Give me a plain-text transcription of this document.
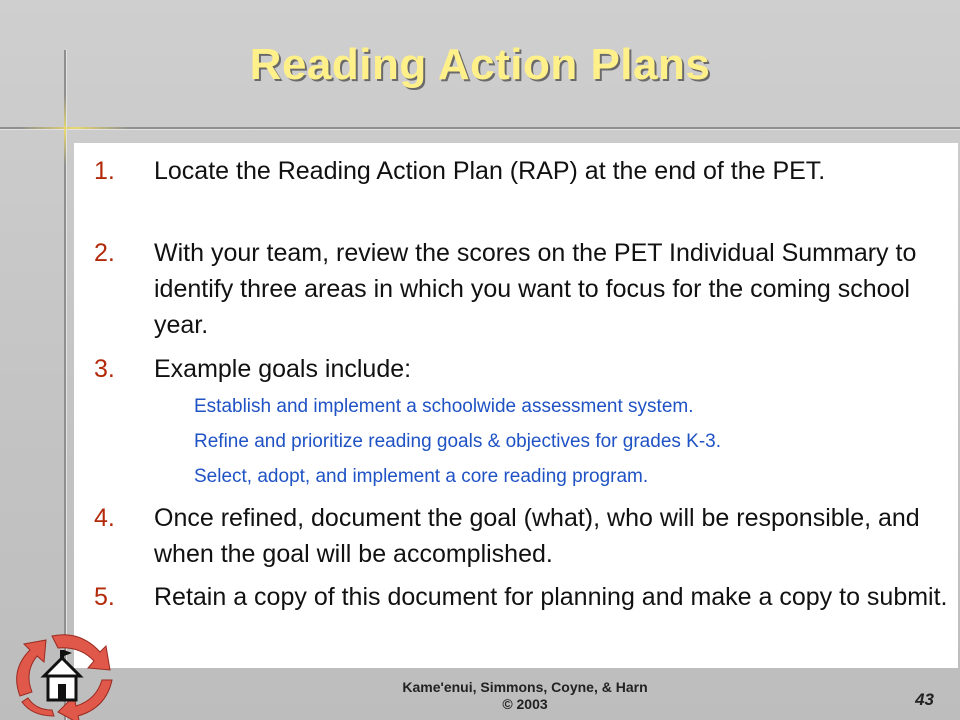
Reading Action Plans
1. Locate the Reading Action Plan (RAP) at the end of the PET.
2. With your team, review the scores on the PET Individual Summary to identify three areas in which you want to focus for the coming school year.
3. Example goals include:
Establish and implement a schoolwide assessment system.
Refine and prioritize reading goals & objectives for grades K-3.
Select, adopt, and implement a core reading program.
4. Once refined, document the goal (what), who will be responsible, and when the goal will be accomplished.
5. Retain a copy of this document for planning and make a copy to submit.
Kame'enui, Simmons, Coyne, & Harn
© 2003	43
